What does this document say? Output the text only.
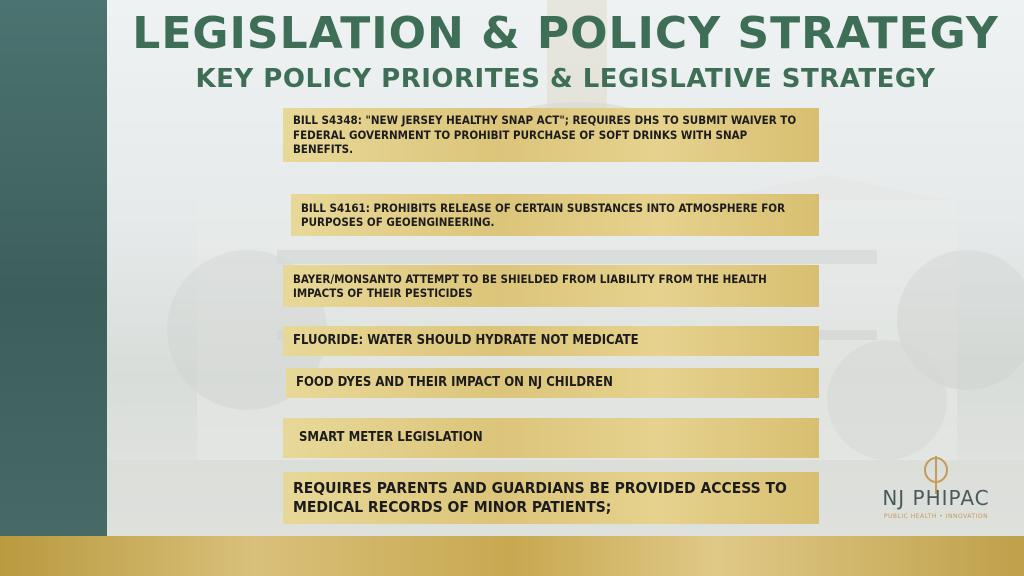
LEGISLATION & POLICY STRATEGY
KEY POLICY PRIORITES & LEGISLATIVE STRATEGY
BILL S4348: "NEW JERSEY HEALTHY SNAP ACT"; REQUIRES DHS TO SUBMIT WAIVER TO FEDERAL GOVERNMENT TO PROHIBIT PURCHASE OF SOFT DRINKS WITH SNAP BENEFITS.
BILL S4161: PROHIBITS RELEASE OF CERTAIN SUBSTANCES INTO ATMOSPHERE FOR PURPOSES OF GEOENGINEERING.
BAYER/MONSANTO ATTEMPT TO BE SHIELDED FROM LIABILITY FROM THE HEALTH IMPACTS OF THEIR PESTICIDES
FLUORIDE: WATER SHOULD HYDRATE NOT MEDICATE
FOOD DYES AND THEIR IMPACT ON NJ CHILDREN
SMART METER LEGISLATION
REQUIRES PARENTS AND GUARDIANS BE PROVIDED ACCESS TO MEDICAL RECORDS OF MINOR PATIENTS;	NJ PHIPAC
PUBLIC HEALTH • INNOVATION
